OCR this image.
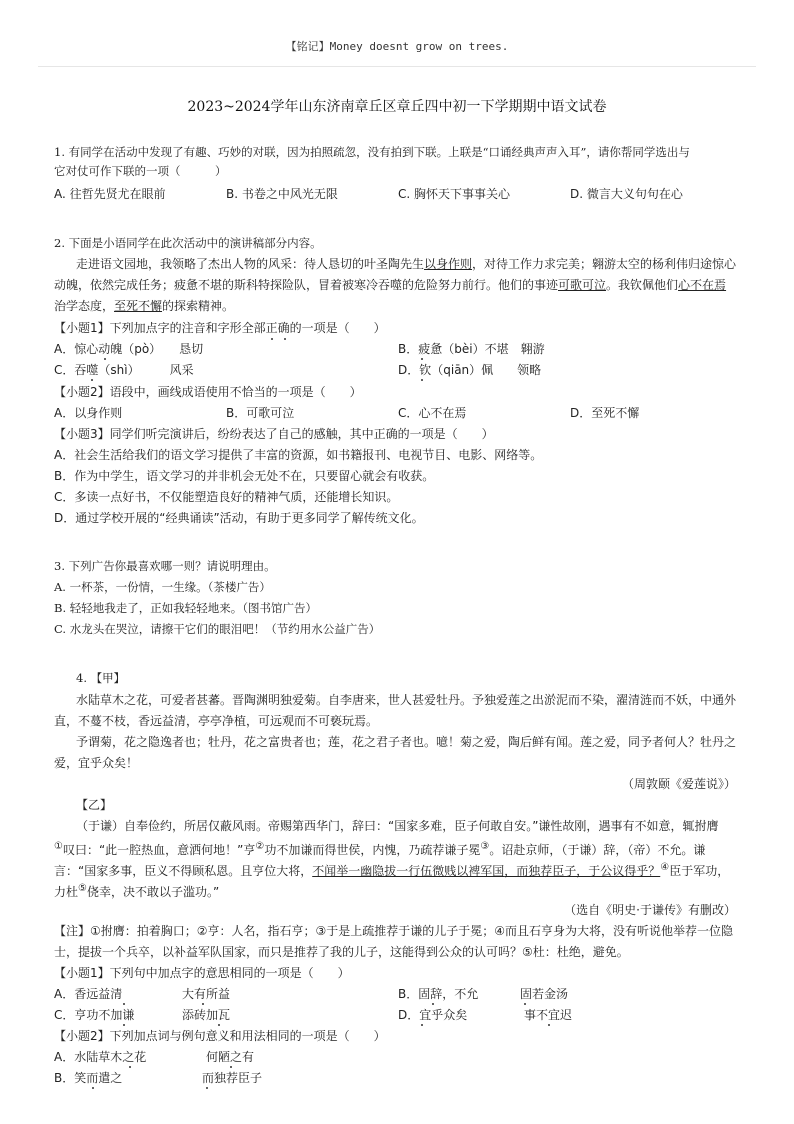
【铭记】Money doesnt grow on trees.
2023~2024学年山东济南章丘区章丘四中初一下学期期中语文试卷
1. 有同学在活动中发现了有趣、巧妙的对联，因为拍照疏忽，没有拍到下联。上联是“口诵经典声声入耳”，请你帮同学选出与
它对仗可作下联的一项（　　　）
A. 往哲先贤尤在眼前	B. 书卷之中风光无限	C. 胸怀天下事事关心	D. 微言大义句句在心
2. 下面是小语同学在此次活动中的演讲稿部分内容。
走进语文园地，我领略了杰出人物的风采：待人恳切的叶圣陶先生以身作则，对待工作力求完美；翱游太空的杨利伟归途惊心
动魄，依然完成任务；疲惫不堪的斯科特探险队，冒着被寒冷吞噬的危险努力前行。他们的事迹可歌可泣。我钦佩他们心不在焉
治学态度，至死不懈的探索精神。
【小题1】下列加点字的注音和字形全部正确的一项是（　　）
A．惊心动魄（pò）　　恳切	B．疲惫（bèi）不堪　翱游
C．吞噬（shì）　　　风采	D．钦（qiān）佩　　领略
【小题2】语段中，画线成语使用不恰当的一项是（　　）
A．以身作则	B．可歌可泣	C．心不在焉	D．至死不懈
【小题3】同学们听完演讲后，纷纷表达了自己的感触，其中正确的一项是（　　）
A．社会生活给我们的语文学习提供了丰富的资源，如书籍报刊、电视节目、电影、网络等。
B．作为中学生，语文学习的并非机会无处不在，只要留心就会有收获。
C．多读一点好书，不仅能塑造良好的精神气质，还能增长知识。
D．通过学校开展的“经典诵读”活动，有助于更多同学了解传统文化。
3. 下列广告你最喜欢哪一则？请说明理由。
A. 一杯茶，一份情，一生缘。（茶楼广告）
B. 轻轻地我走了，正如我轻轻地来。（图书馆广告）
C. 水龙头在哭泣，请擦干它们的眼泪吧！（节约用水公益广告）
4. 【甲】
水陆草木之花，可爱者甚蕃。晋陶渊明独爱菊。自李唐来，世人甚爱牡丹。予独爱莲之出淤泥而不染，濯清涟而不妖，中通外
直，不蔓不枝，香远益清，亭亭净植，可远观而不可亵玩焉。
予谓菊，花之隐逸者也；牡丹，花之富贵者也；莲，花之君子者也。噫！菊之爱，陶后鲜有闻。莲之爱，同予者何人？牡丹之
爱，宜乎众矣！
（周敦颐《爱莲说》）
【乙】
（于谦）自奉俭约，所居仅蔽风雨。帝赐第西华门，辞曰：“国家多难，臣子何敢自安。”谦性故刚，遇事有不如意，辄拊膺
①叹曰：“此一腔热血，意洒何地！”亨②功不加谦而得世侯，内愧，乃疏荐谦子冕③。诏赴京师，（于谦）辞，（帝）不允。谦
言：“国家多事，臣义不得顾私恩。且亨位大将，不闻举一幽隐拔一行伍微贱以裨军国，而独荐臣子，于公议得乎？④臣于军功，
力杜⑤侥幸，决不敢以子滥功。”
（选自《明史·于谦传》有删改）
【注】①拊膺：拍着胸口；②亨：人名，指石亨；③于是上疏推荐于谦的儿子于冕；④而且石亨身为大将，没有听说他举荐一位隐
士，提拔一个兵卒，以补益军队国家，而只是推荐了我的儿子，这能得到公众的认可吗？⑤杜：杜绝，避免。
【小题1】下列句中加点字的意思相同的一项是（　　）
A．香远益清	大有所益	B．固辞，不允	固若金汤
C．亨功不加谦	添砖加瓦	D．宜乎众矣	事不宜迟
【小题2】下列加点词与例句意义和用法相同的一项是（　　）
A．水陆草木之花	何陋之有
B．笑而遣之	而独荐臣子
